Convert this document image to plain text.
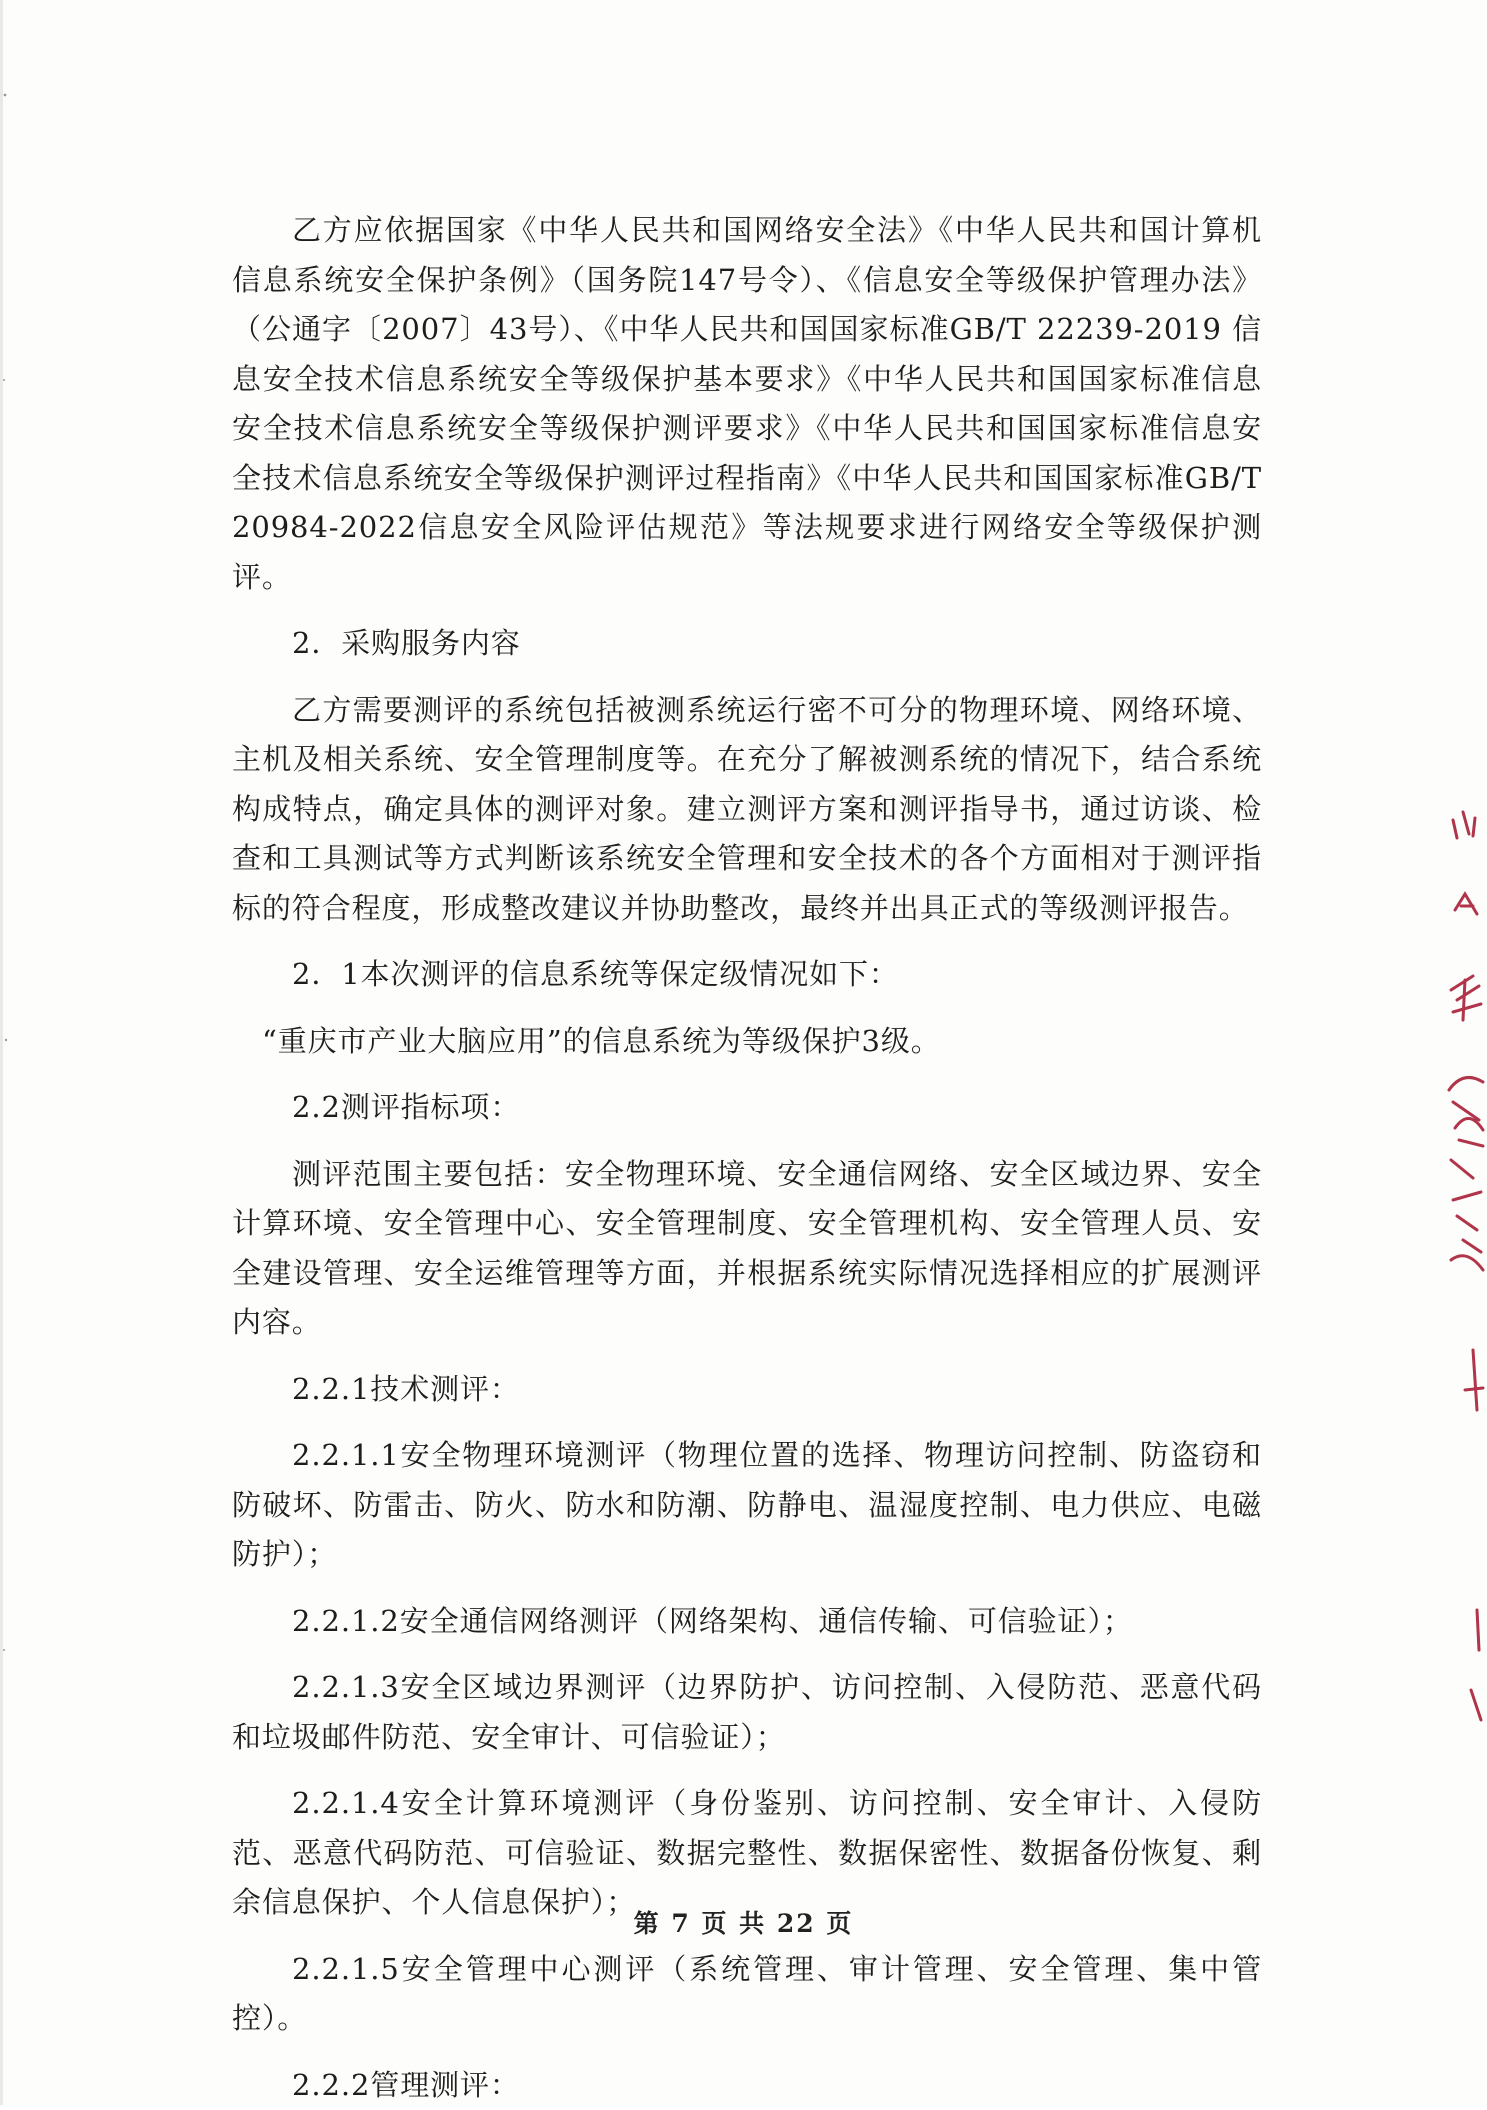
乙方应依据国家《中华人民共和国网络安全法》《中华人民共和国计算机信息系统安全保护条例》（国务院147号令）、《信息安全等级保护管理办法》（公通字〔2007〕43号）、《中华人民共和国国家标准GB/T 22239-2019 信息安全技术信息系统安全等级保护基本要求》《中华人民共和国国家标准信息安全技术信息系统安全等级保护测评要求》《中华人民共和国国家标准信息安全技术信息系统安全等级保护测评过程指南》《中华人民共和国国家标准GB/T 20984-2022信息安全风险评估规范》等法规要求进行网络安全等级保护测评。

2．采购服务内容

乙方需要测评的系统包括被测系统运行密不可分的物理环境、网络环境、主机及相关系统、安全管理制度等。在充分了解被测系统的情况下，结合系统构成特点，确定具体的测评对象。建立测评方案和测评指导书，通过访谈、检查和工具测试等方式判断该系统安全管理和安全技术的各个方面相对于测评指标的符合程度，形成整改建议并协助整改，最终并出具正式的等级测评报告。

2．1本次测评的信息系统等保定级情况如下：

“重庆市产业大脑应用”的信息系统为等级保护3级。

2.2测评指标项：

测评范围主要包括：安全物理环境、安全通信网络、安全区域边界、安全计算环境、安全管理中心、安全管理制度、安全管理机构、安全管理人员、安全建设管理、安全运维管理等方面，并根据系统实际情况选择相应的扩展测评内容。

2.2.1技术测评：

2.2.1.1安全物理环境测评（物理位置的选择、物理访问控制、防盗窃和防破坏、防雷击、防火、防水和防潮、防静电、温湿度控制、电力供应、电磁防护）；

2.2.1.2安全通信网络测评（网络架构、通信传输、可信验证）；

2.2.1.3安全区域边界测评（边界防护、访问控制、入侵防范、恶意代码和垃圾邮件防范、安全审计、可信验证）；

2.2.1.4安全计算环境测评（身份鉴别、访问控制、安全审计、入侵防范、恶意代码防范、可信验证、数据完整性、数据保密性、数据备份恢复、剩余信息保护、个人信息保护）；

2.2.1.5安全管理中心测评（系统管理、审计管理、安全管理、集中管控）。

2.2.2管理测评：

第 7 页 共 22 页
